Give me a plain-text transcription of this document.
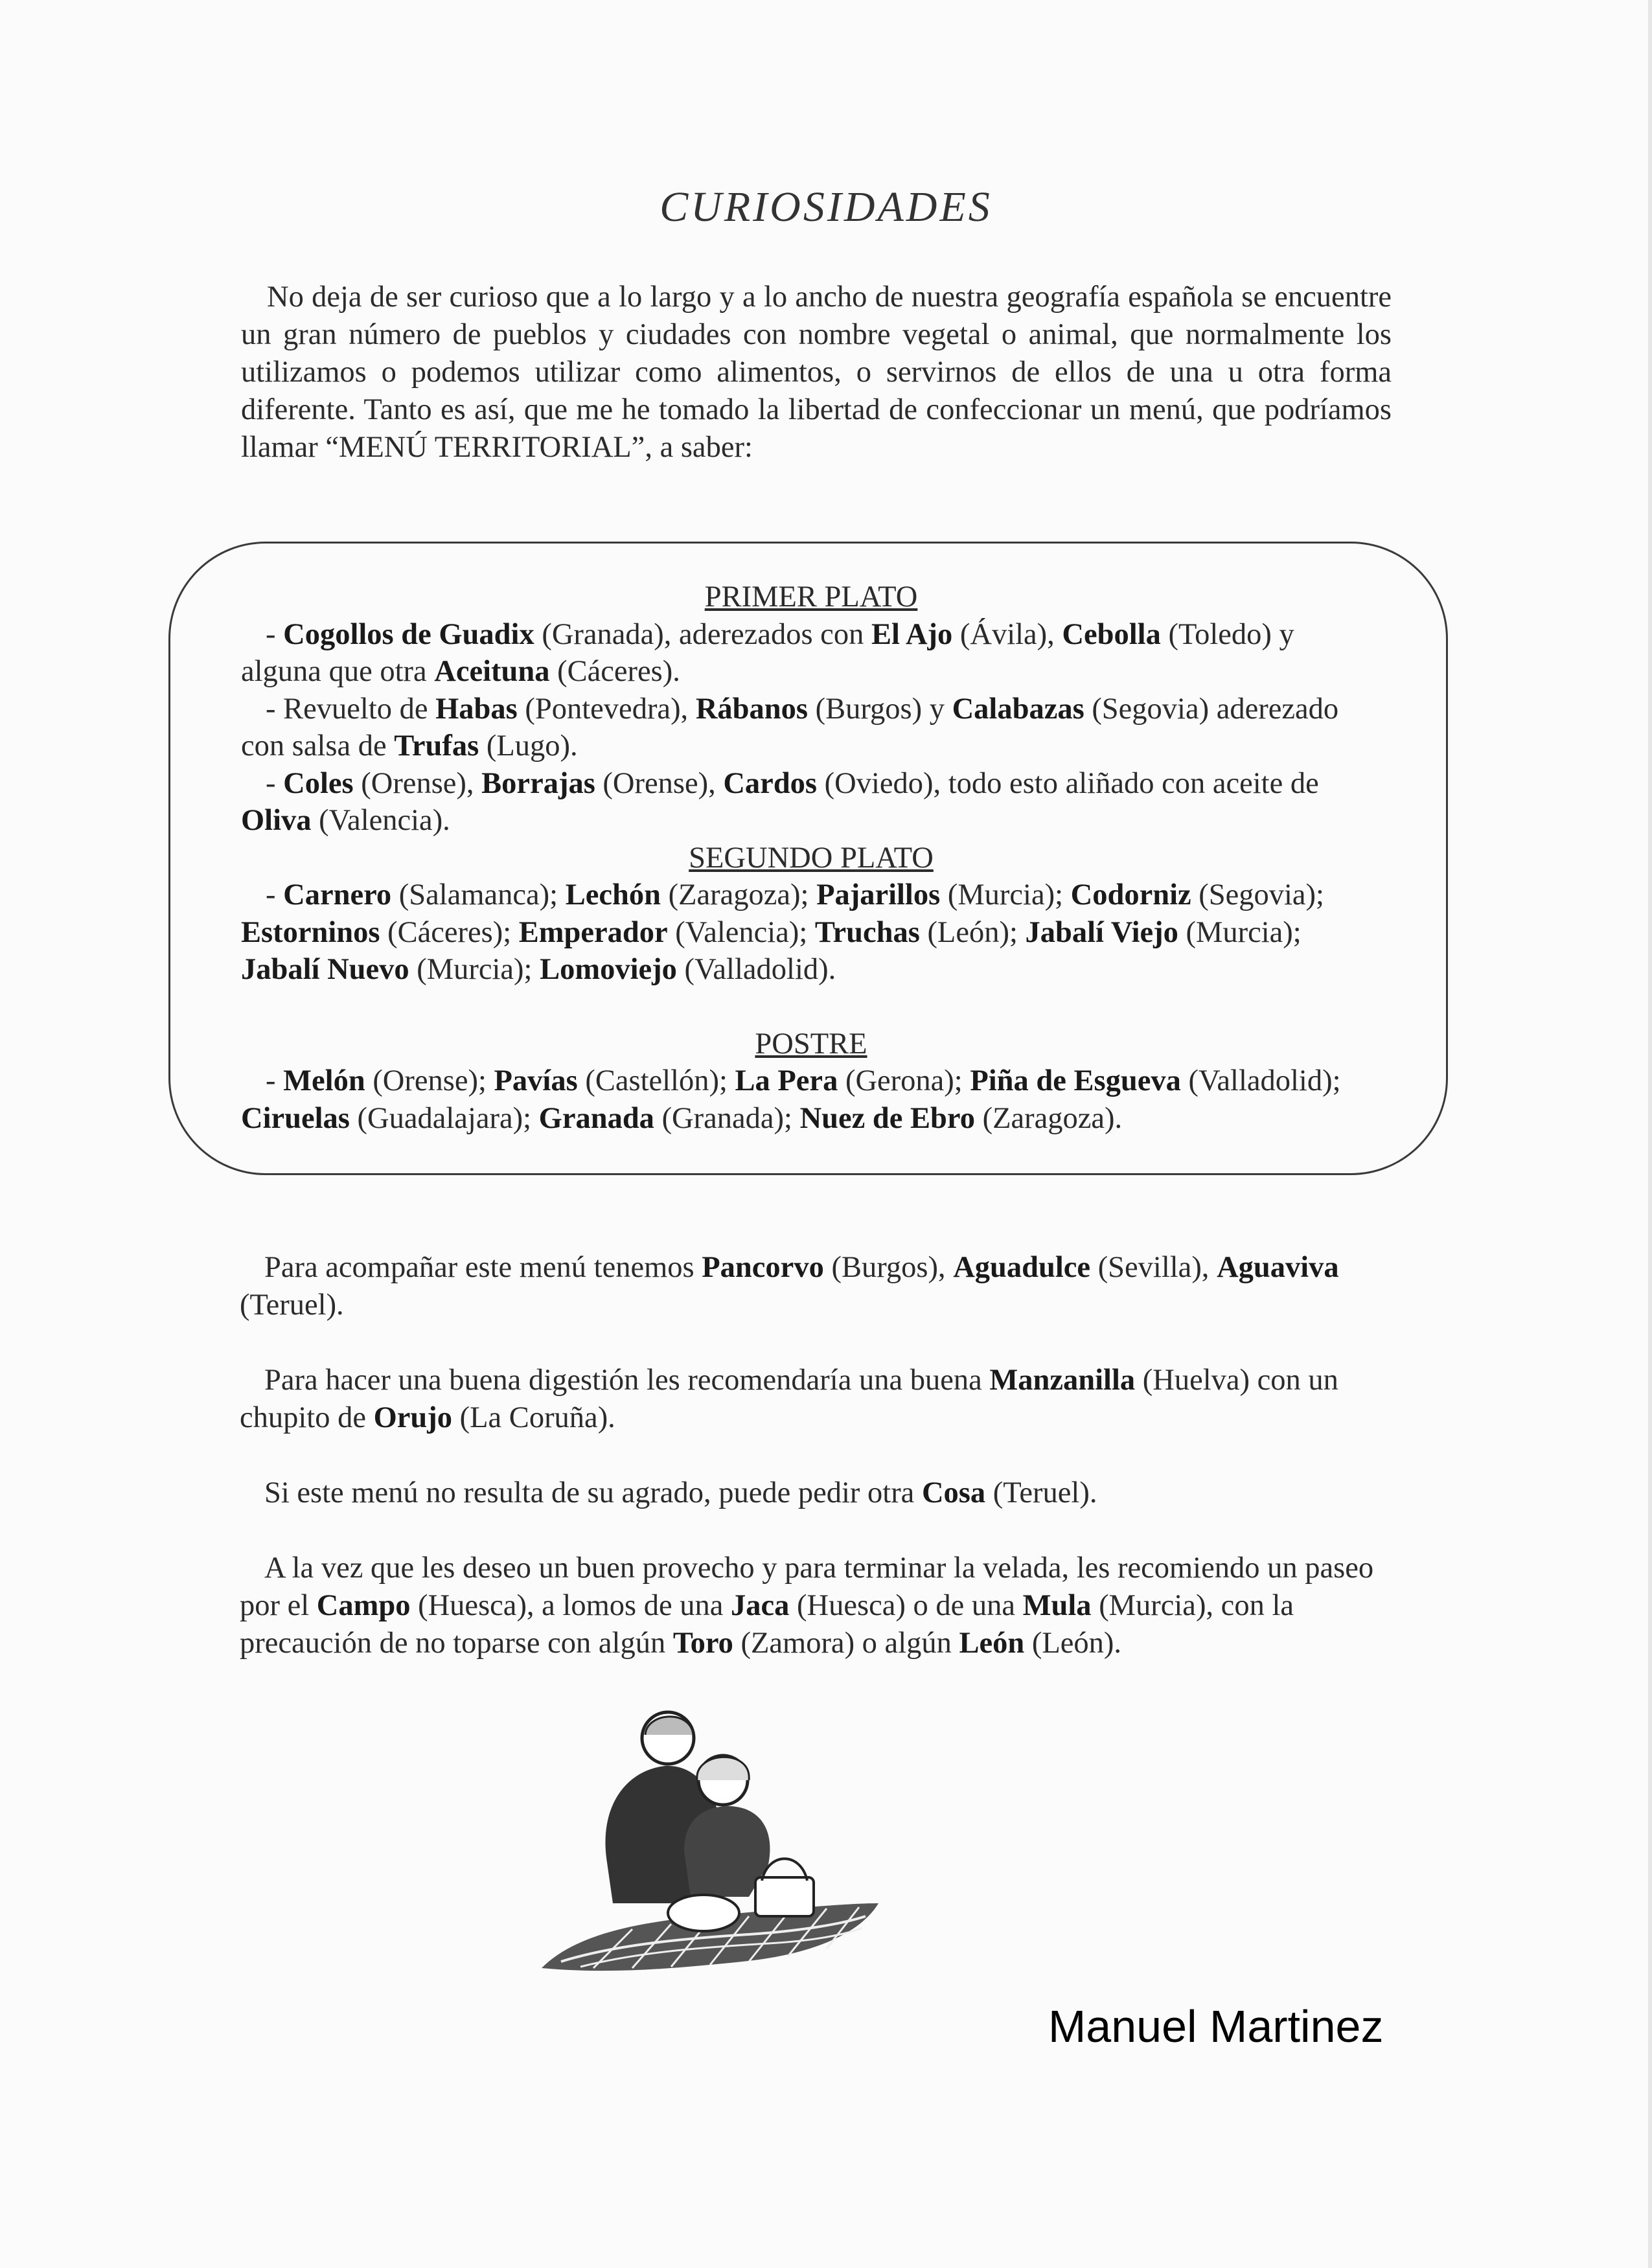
CURIOSIDADES
No deja de ser curioso que a lo largo y a lo ancho de nuestra geografía española se encuentre un gran número de pueblos y ciudades con nombre vegetal o animal, que normalmente los utilizamos o podemos utilizar como alimentos, o servirnos de ellos de una u otra forma diferente. Tanto es así, que me he tomado la libertad de confeccionar un menú, que podríamos llamar “MENÚ TERRITORIAL”, a saber:
PRIMER PLATO
- Cogollos de Guadix (Granada), aderezados con El Ajo (Ávila), Cebolla (Toledo) y alguna que otra Aceituna (Cáceres).
- Revuelto de Habas (Pontevedra), Rábanos (Burgos) y Calabazas (Segovia) aderezado con salsa de Trufas (Lugo).
- Coles (Orense), Borrajas (Orense), Cardos (Oviedo), todo esto aliñado con aceite de Oliva (Valencia).
SEGUNDO PLATO
- Carnero (Salamanca); Lechón (Zaragoza); Pajarillos (Murcia); Codorniz (Segovia); Estorninos (Cáceres); Emperador (Valencia); Truchas (León); Jabalí Viejo (Murcia); Jabalí Nuevo (Murcia); Lomoviejo (Valladolid).
POSTRE
- Melón (Orense); Pavías (Castellón); La Pera (Gerona); Piña de Esgueva (Valladolid); Ciruelas (Guadalajara); Granada (Granada); Nuez de Ebro (Zaragoza).

Para acompañar este menú tenemos Pancorvo (Burgos), Aguadulce (Sevilla), Aguaviva (Teruel).

Para hacer una buena digestión les recomendaría una buena Manzanilla (Huelva) con un chupito de Orujo (La Coruña).

Si este menú no resulta de su agrado, puede pedir otra Cosa (Teruel).

A la vez que les deseo un buen provecho y para terminar la velada, les recomiendo un paseo por el Campo (Huesca), a lomos de una Jaca (Huesca) o de una Mula (Murcia), con la precaución de no toparse con algún Toro (Zamora) o algún León (León).

Manuel Martinez
